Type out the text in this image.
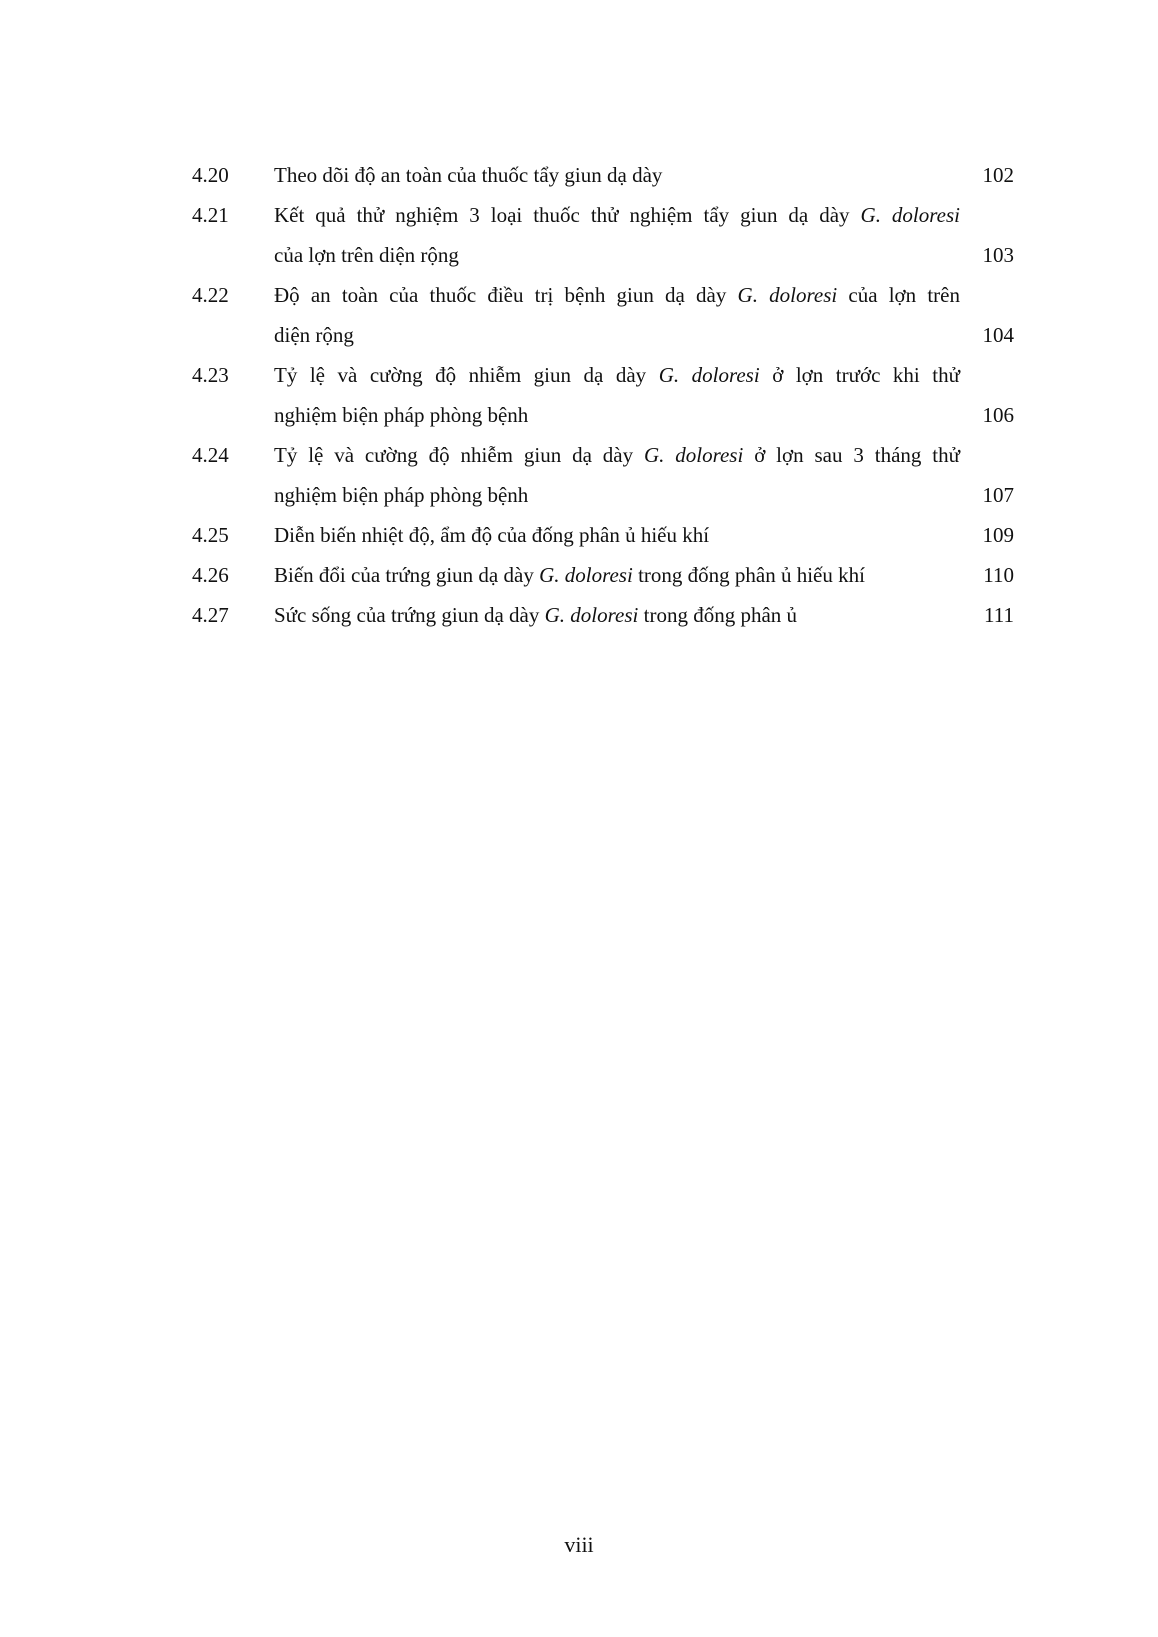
4.20	Theo dõi độ an toàn của thuốc tẩy giun dạ dày	102
4.21	Kết quả thử nghiệm 3 loại thuốc thử nghiệm tẩy giun dạ dày G. doloresi
của lợn trên diện rộng	103
4.22	Độ an toàn của thuốc điều trị bệnh giun dạ dày G. doloresi của lợn trên
diện rộng	104
4.23	Tỷ lệ và cường độ nhiễm giun dạ dày G. doloresi ở lợn trước khi thử
nghiệm biện pháp phòng bệnh	106
4.24	Tỷ lệ và cường độ nhiễm giun dạ dày G. doloresi ở lợn sau 3 tháng thử
nghiệm biện pháp phòng bệnh	107
4.25	Diễn biến nhiệt độ, ẩm độ của đống phân ủ hiếu khí	109
4.26	Biến đổi của trứng giun dạ dày G. doloresi trong đống phân ủ hiếu khí	110
4.27	Sức sống của trứng giun dạ dày G. doloresi trong đống phân ủ	111
viii
